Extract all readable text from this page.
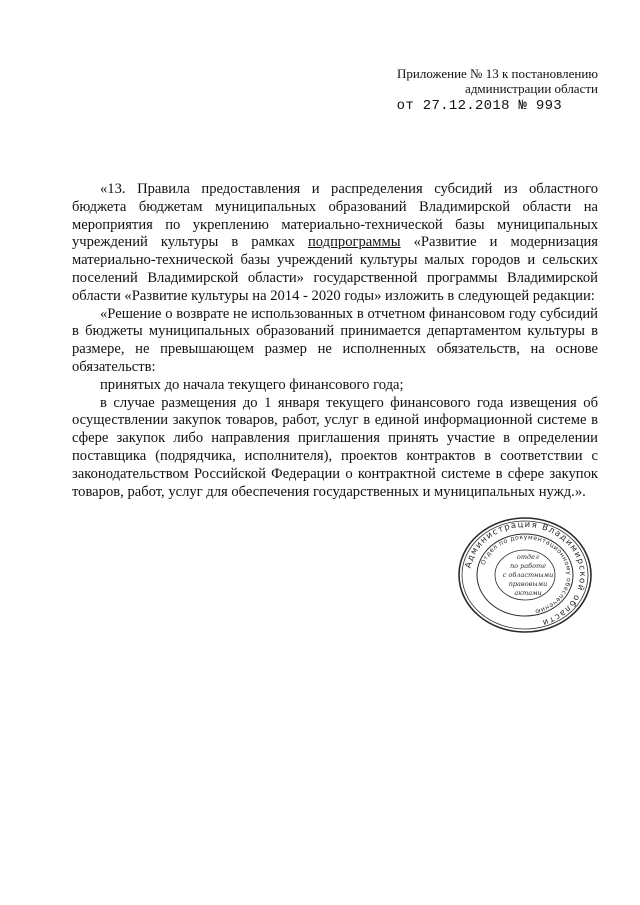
Приложение № 13 к постановлению
администрации области
от 27.12.2018 № 993

«13. Правила предоставления и распределения субсидий из областного бюджета бюджетам муниципальных образований Владимирской области на мероприятия по укреплению материально-технической базы муниципальных учреждений культуры в рамках подпрограммы «Развитие и модернизация материально-технической базы учреждений культуры малых городов и сельских поселений Владимирской области» государственной программы Владимирской области «Развитие культуры на 2014 - 2020 годы» изложить в следующей редакции:

«Решение о возврате не использованных в отчетном финансовом году субсидий в бюджеты муниципальных образований принимается департаментом культуры в размере, не превышающем размер не исполненных обязательств, на основе обязательств:

принятых до начала текущего финансового года;

в случае размещения до 1 января текущего финансового года извещения об осуществлении закупок товаров, работ, услуг в единой информационной системе в сфере закупок либо направления приглашения принять участие в определении поставщика (подрядчика, исполнителя), проектов контрактов в соответствии с законодательством Российской Федерации о контрактной системе в сфере закупок товаров, работ, услуг для обеспечения государственных и муниципальных нужд.».

Администрация Владимирской области
Отдел по документационному обеспечению
отдел
по работе
с областными
правовыми
актами
